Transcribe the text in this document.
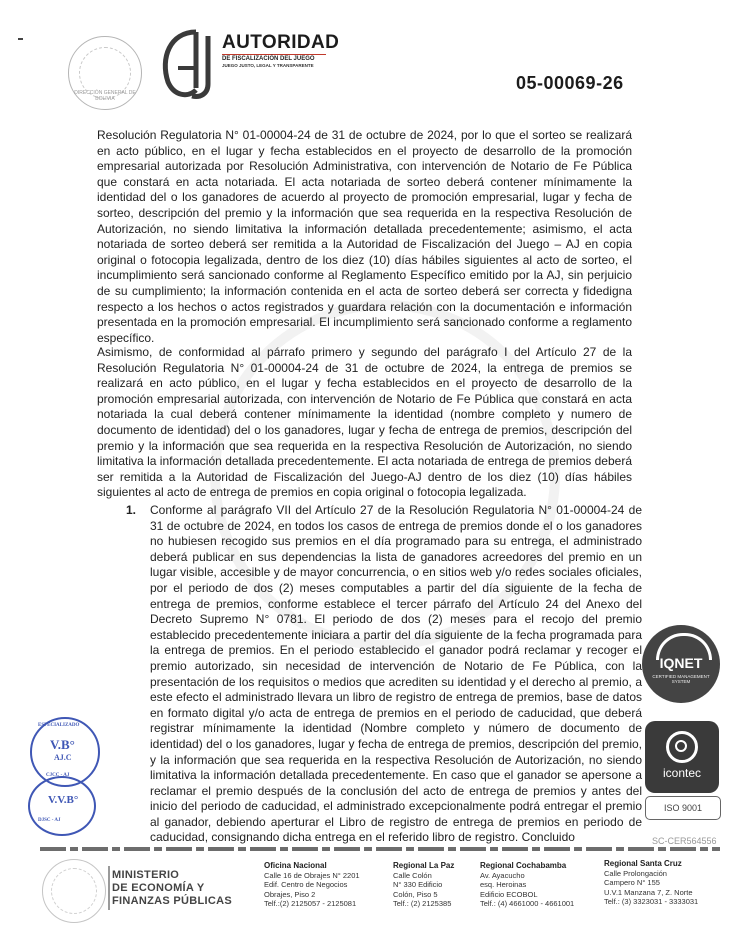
DIRECCIÓN GENERAL DE BOLIVIA
AUTORIDAD
DE FISCALIZACIÓN DEL JUEGO
JUEGO JUSTO, LEGAL Y TRANSPARENTE
05-00069-26
Resolución Regulatoria N° 01-00004-24 de 31 de octubre de 2024, por lo que el sorteo se realizará en acto público, en el lugar y fecha establecidos en el proyecto de desarrollo de la promoción empresarial autorizada por Resolución Administrativa, con intervención de Notario de Fe Pública que constará en acta notariada. El acta notariada de sorteo deberá contener mínimamente la identidad del o los ganadores de acuerdo al proyecto de promoción empresarial, lugar y fecha de sorteo, descripción del premio y la información que sea requerida en la respectiva Resolución de Autorización, no siendo limitativa la información detallada precedentemente; asimismo, el acta notariada de sorteo deberá ser remitida a la Autoridad de Fiscalización del Juego – AJ en copia original o fotocopia legalizada, dentro de los diez (10) días hábiles siguientes al acto de sorteo, el incumplimiento será sancionado conforme al Reglamento Específico emitido por la AJ, sin perjuicio de su cumplimiento; la información contenida en el acta de sorteo deberá ser correcta y fidedigna respecto a los hechos o actos registrados y guardara relación con la documentación e información presentada en la promoción empresarial. El incumplimiento será sancionado conforme a reglamento específico.
Asimismo, de conformidad al párrafo primero y segundo del parágrafo I del Artículo 27 de la Resolución Regulatoria N° 01-00004-24 de 31 de octubre de 2024, la entrega de premios se realizará en acto público, en el lugar y fecha establecidos en el proyecto de desarrollo de la promoción empresarial autorizada, con intervención de Notario de Fe Pública que constará en acta notariada la cual deberá contener mínimamente la identidad (nombre completo y numero de documento de identidad) del o los ganadores, lugar y fecha de entrega de premios, descripción del premio y la información que sea requerida en la respectiva Resolución de Autorización, no siendo limitativa la información detallada precedentemente. El acta notariada de entrega de premios deberá ser remitida a la Autoridad de Fiscalización del Juego-AJ dentro de los diez (10) días hábiles siguientes al acto de entrega de premios en copia original o fotocopia legalizada.
1. Conforme al parágrafo VII del Artículo 27 de la Resolución Regulatoria N° 01-00004-24 de 31 de octubre de 2024, en todos los casos de entrega de premios donde el o los ganadores no hubiesen recogido sus premios en el día programado para su entrega, el administrado deberá publicar en sus dependencias la lista de ganadores acreedores del premio en un lugar visible, accesible y de mayor concurrencia, o en sitios web y/o redes sociales oficiales, por el periodo de dos (2) meses computables a partir del día siguiente de la fecha de entrega de premios, conforme establece el tercer párrafo del Artículo 24 del Anexo del Decreto Supremo N° 0781. El periodo de dos (2) meses para el recojo del premio establecido precedentemente iniciara a partir del día siguiente de la fecha programada para la entrega de premios. En el periodo establecido el ganador podrá reclamar y recoger el premio autorizado, sin necesidad de intervención de Notario de Fe Pública, con la presentación de los requisitos o medios que acrediten su identidad y el derecho al premio, a este efecto el administrado llevara un libro de registro de entrega de premios, base de datos en formato digital y/o acta de entrega de premios en el periodo de caducidad, que deberá registrar mínimamente la identidad (Nombre completo y número de documento de identidad) del o los ganadores, lugar y fecha de entrega de premios, descripción del premio, y la información que sea requerida en la respectiva Resolución de Autorización, no siendo limitativa la información detallada precedentemente. En caso que el ganador se apersone a reclamar el premio después de la conclusión del acto de entrega de premios y antes del inicio del periodo de caducidad, el administrado excepcionalmente podrá entregar el premio al ganador, debiendo aperturar el Libro de registro de entrega de premios en periodo de caducidad, consignando dicha entrega en el referido libro de registro. Concluido
ESPECIALIZADO
V.B°
AJ.C
CJCC - AJ
V.V.B°
DJSC - AJ
IQNET
CERTIFIED MANAGEMENT SYSTEM
icontec
ISO 9001
SC-CER564556
MINISTERIO
DE ECONOMÍA Y
FINANZAS PÚBLICAS
Oficina Nacional
Calle 16 de Obrajes N° 2201
Edif. Centro de Negocios
Obrajes, Piso 2
Telf.:(2) 2125057 - 2125081
Regional La Paz
Calle Colón
N° 330 Edificio
Colón, Piso 5
Telf.: (2) 2125385
Regional Cochabamba
Av. Ayacucho
esq. Heroinas
Edificio ECOBOL
Telf.: (4) 4661000 - 4661001
Regional Santa Cruz
Calle Prolongación
Campero N° 155
U.V.1 Manzana 7, Z. Norte
Telf.: (3) 3323031 - 3333031
